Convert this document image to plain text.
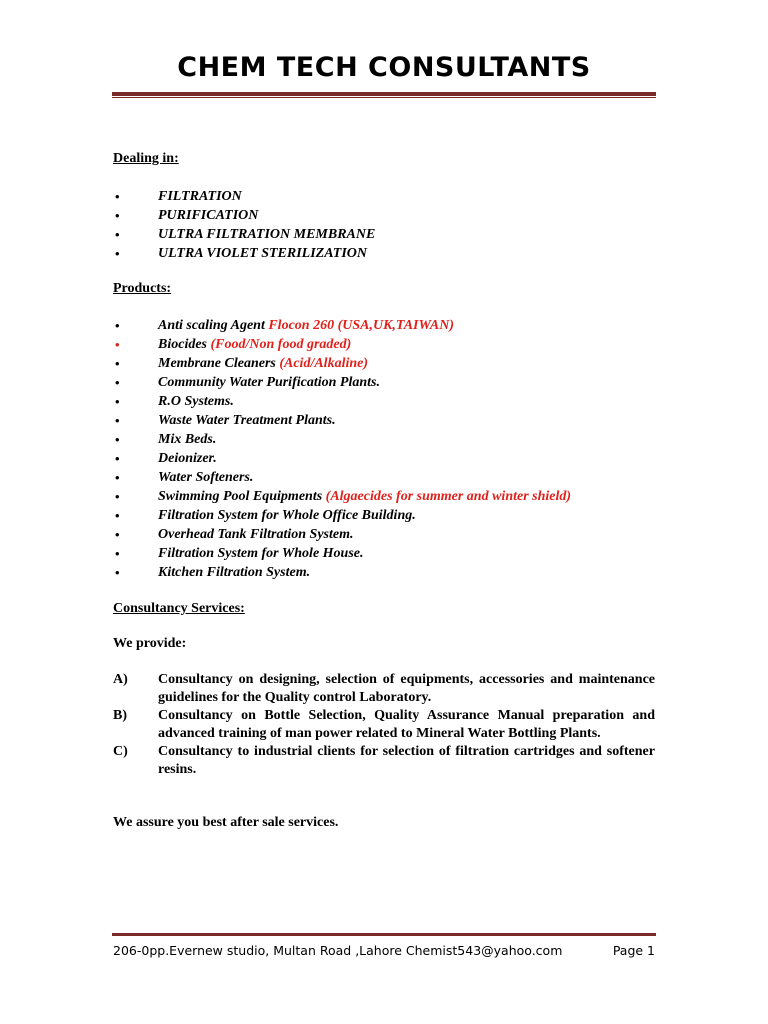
CHEM TECH CONSULTANTS
Dealing in:
•	FILTRATION
•	PURIFICATION
•	ULTRA FILTRATION MEMBRANE
•	ULTRA VIOLET STERILIZATION
Products:
•	Anti scaling Agent Flocon 260 (USA,UK,TAIWAN)
•	Biocides (Food/Non food graded)
•	Membrane Cleaners (Acid/Alkaline)
•	Community Water Purification Plants.
•	R.O Systems.
•	Waste Water Treatment Plants.
•	Mix Beds.
•	Deionizer.
•	Water Softeners.
•	Swimming Pool Equipments (Algaecides for summer and winter shield)
•	Filtration System for Whole Office Building.
•	Overhead Tank Filtration System.
•	Filtration System for Whole House.
•	Kitchen Filtration System.
Consultancy Services:
We provide:
A) Consultancy on designing, selection of equipments, accessories and maintenance guidelines for the Quality control Laboratory.
B) Consultancy on Bottle Selection, Quality Assurance Manual preparation and advanced training of man power related to Mineral Water Bottling Plants.
C) Consultancy to industrial clients for selection of filtration cartridges and softener resins.
We assure you best after sale services.
206-0pp.Evernew studio, Multan Road ,Lahore Chemist543@yahoo.com	Page 1
